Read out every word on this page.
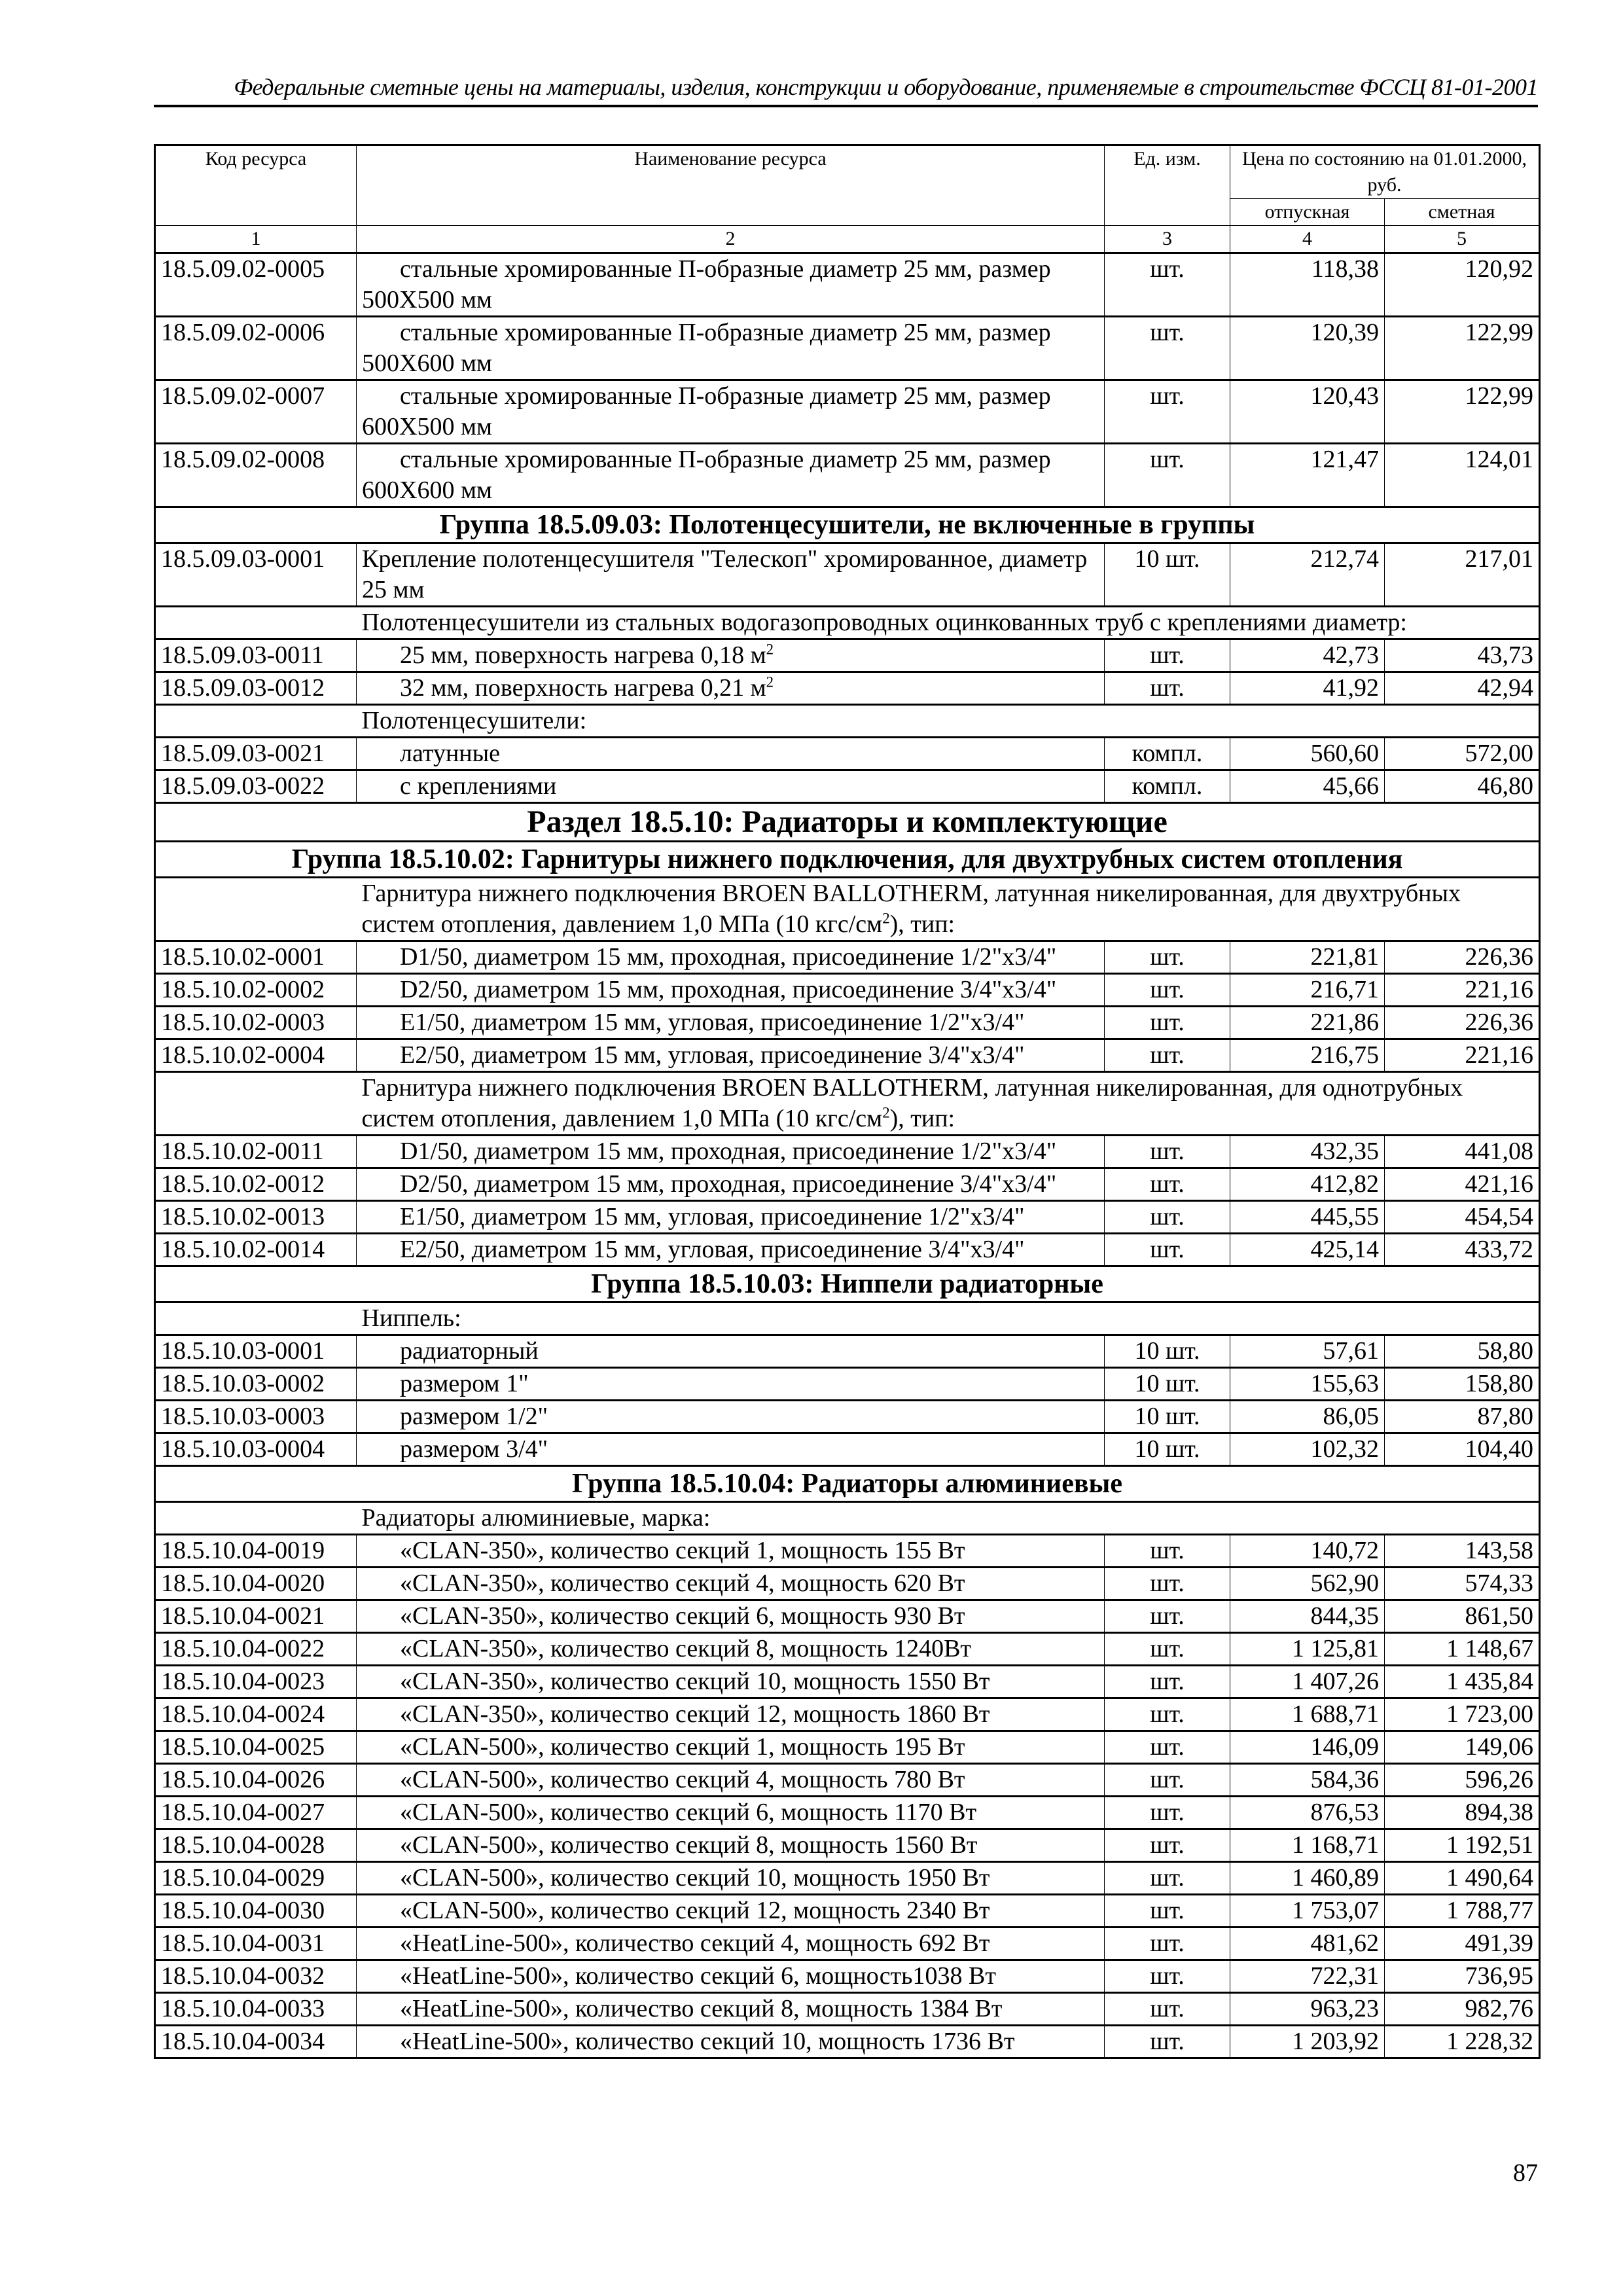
Федеральные сметные цены на материалы, изделия, конструкции и оборудование, применяемые в строительстве ФССЦ 81-01-2001
Код ресурса	Наименование ресурса	Ед. изм.	Цена по состоянию на 01.01.2000, руб.	
			отпускная	сметная
1	2	3	4	5
18.5.09.02-0005	стальные хромированные П-образные диаметр 25 мм, размер 500Х500 мм	шт.	118,38	120,92
18.5.09.02-0006	стальные хромированные П-образные диаметр 25 мм, размер 500Х600 мм	шт.	120,39	122,99
18.5.09.02-0007	стальные хромированные П-образные диаметр 25 мм, размер 600Х500 мм	шт.	120,43	122,99
18.5.09.02-0008	стальные хромированные П-образные диаметр 25 мм, размер 600Х600 мм	шт.	121,47	124,01
Группа 18.5.09.03: Полотенцесушители, не включенные в группы				
18.5.09.03-0001	Крепление полотенцесушителя "Телескоп" хромированное, диаметр 25 мм	10 шт.	212,74	217,01
	Полотенцесушители из стальных водогазопроводных оцинкованных труб с креплениями диаметр:			
18.5.09.03-0011	25 мм, поверхность нагрева 0,18 $м^2$	шт.	42,73	43,73
18.5.09.03-0012	32 мм, поверхность нагрева 0,21 $м^2$	шт.	41,92	42,94
	Полотенцесушители:			
18.5.09.03-0021	латунные	компл.	560,60	572,00
18.5.09.03-0022	с креплениями	компл.	45,66	46,80
Раздел 18.5.10: Радиаторы и комплектующие				
Группа 18.5.10.02: Гарнитуры нижнего подключения, для двухтрубных систем отопления				
	Гарнитура нижнего подключения BROEN BALLOTHERM, латунная никелированная, для двухтрубных систем отопления, давлением 1,0 МПа (10 кгс/$см^2$), тип:			
18.5.10.02-0001	D1/50, диаметром 15 мм, проходная, присоединение 1/2"x3/4"	шт.	221,81	226,36
18.5.10.02-0002	D2/50, диаметром 15 мм, проходная, присоединение 3/4"x3/4"	шт.	216,71	221,16
18.5.10.02-0003	E1/50, диаметром 15 мм, угловая, присоединение 1/2"x3/4"	шт.	221,86	226,36
18.5.10.02-0004	E2/50, диаметром 15 мм, угловая, присоединение 3/4"x3/4"	шт.	216,75	221,16
	Гарнитура нижнего подключения BROEN BALLOTHERM, латунная никелированная, для однотрубных систем отопления, давлением 1,0 МПа (10 кгс/$см^2$), тип:			
18.5.10.02-0011	D1/50, диаметром 15 мм, проходная, присоединение 1/2"x3/4"	шт.	432,35	441,08
18.5.10.02-0012	D2/50, диаметром 15 мм, проходная, присоединение 3/4"x3/4"	шт.	412,82	421,16
18.5.10.02-0013	E1/50, диаметром 15 мм, угловая, присоединение 1/2"x3/4"	шт.	445,55	454,54
18.5.10.02-0014	E2/50, диаметром 15 мм, угловая, присоединение 3/4"x3/4"	шт.	425,14	433,72
Группа 18.5.10.03: Ниппели радиаторные				
	Ниппель:			
18.5.10.03-0001	радиаторный	10 шт.	57,61	58,80
18.5.10.03-0002	размером 1"	10 шт.	155,63	158,80
18.5.10.03-0003	размером 1/2"	10 шт.	86,05	87,80
18.5.10.03-0004	размером 3/4"	10 шт.	102,32	104,40
Группа 18.5.10.04: Радиаторы алюминиевые				
	Радиаторы алюминиевые, марка:			
18.5.10.04-0019	«CLAN-350», количество секций 1, мощность 155 Вт	шт.	140,72	143,58
18.5.10.04-0020	«CLAN-350», количество секций 4, мощность 620 Вт	шт.	562,90	574,33
18.5.10.04-0021	«CLAN-350», количество секций 6, мощность 930 Вт	шт.	844,35	861,50
18.5.10.04-0022	«CLAN-350», количество секций 8, мощность 1240Вт	шт.	1 125,81	1 148,67
18.5.10.04-0023	«CLAN-350», количество секций 10, мощность 1550 Вт	шт.	1 407,26	1 435,84
18.5.10.04-0024	«CLAN-350», количество секций 12, мощность 1860 Вт	шт.	1 688,71	1 723,00
18.5.10.04-0025	«CLAN-500», количество секций 1, мощность 195 Вт	шт.	146,09	149,06
18.5.10.04-0026	«CLAN-500», количество секций 4, мощность 780 Вт	шт.	584,36	596,26
18.5.10.04-0027	«CLAN-500», количество секций 6, мощность 1170 Вт	шт.	876,53	894,38
18.5.10.04-0028	«CLAN-500», количество секций 8, мощность 1560 Вт	шт.	1 168,71	1 192,51
18.5.10.04-0029	«CLAN-500», количество секций 10, мощность 1950 Вт	шт.	1 460,89	1 490,64
18.5.10.04-0030	«CLAN-500», количество секций 12, мощность 2340 Вт	шт.	1 753,07	1 788,77
18.5.10.04-0031	«HeatLine-500», количество секций 4, мощность 692 Вт	шт.	481,62	491,39
18.5.10.04-0032	«HeatLine-500», количество секций 6, мощность1038 Вт	шт.	722,31	736,95
18.5.10.04-0033	«HeatLine-500», количество секций 8, мощность 1384 Вт	шт.	963,23	982,76
18.5.10.04-0034	«HeatLine-500», количество секций 10, мощность 1736 Вт	шт.	1 203,92	1 228,32
87
